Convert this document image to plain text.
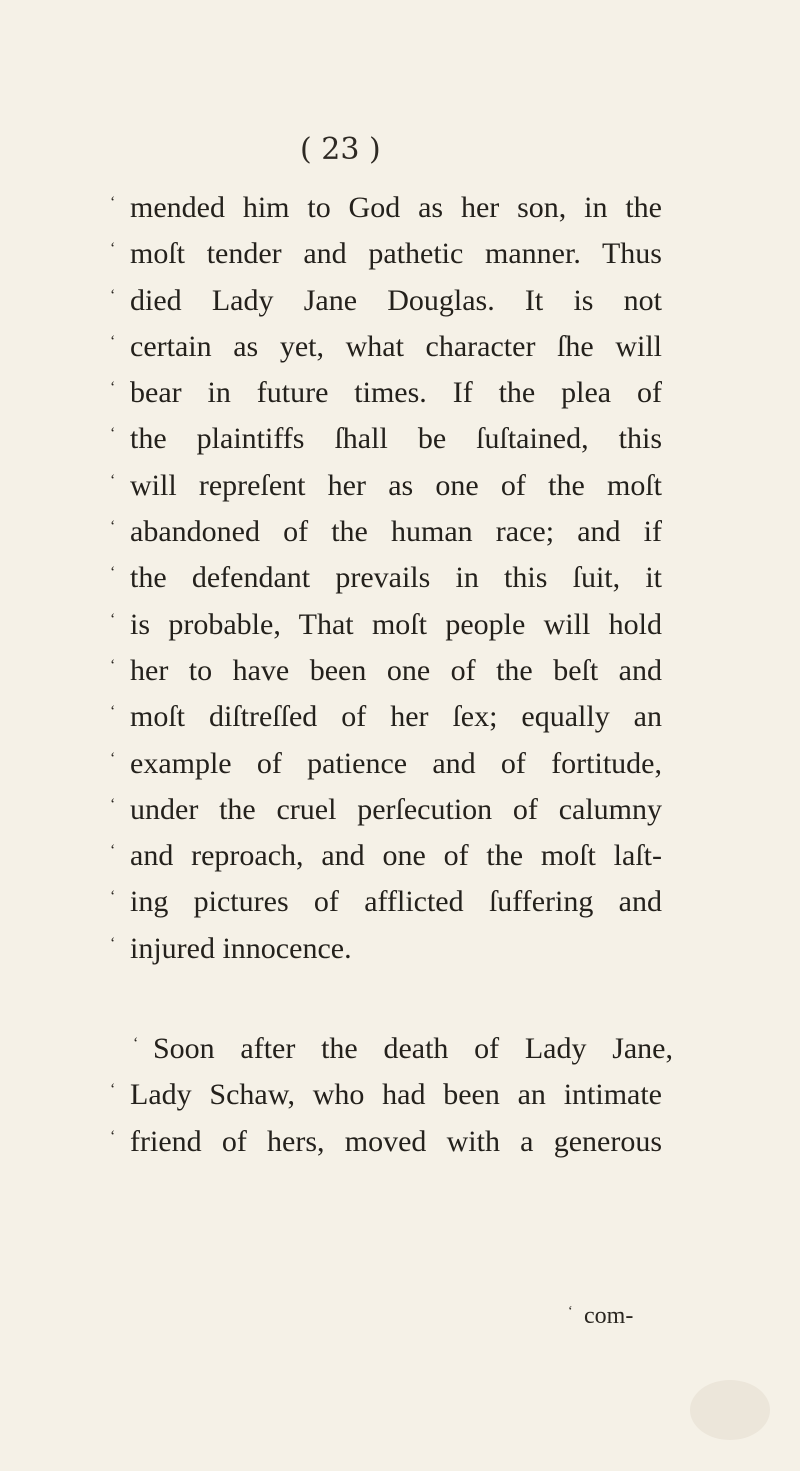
( 23 )
‘ mended him to God as her son, in the
‘ moſt tender and pathetic manner. Thus
‘ died Lady Jane Douglas. It is not
‘ certain as yet, what character ſhe will
‘ bear in future times. If the plea of
‘ the plaintiffs ſhall be ſuſtained, this
‘ will repreſent her as one of the moſt
‘ abandoned of the human race; and if
‘ the defendant prevails in this ſuit, it
‘ is probable, That moſt people will hold
‘ her to have been one of the beſt and
‘ moſt diſtreſſed of her ſex; equally an
‘ example of patience and of fortitude,
‘ under the cruel perſecution of calumny
‘ and reproach, and one of the moſt laſt-
‘ ing pictures of afflicted ſuffering and
‘ injured innocence.
‘ Soon after the death of Lady Jane,
‘ Lady Schaw, who had been an intimate
‘ friend of hers, moved with a generous
‘ com-
